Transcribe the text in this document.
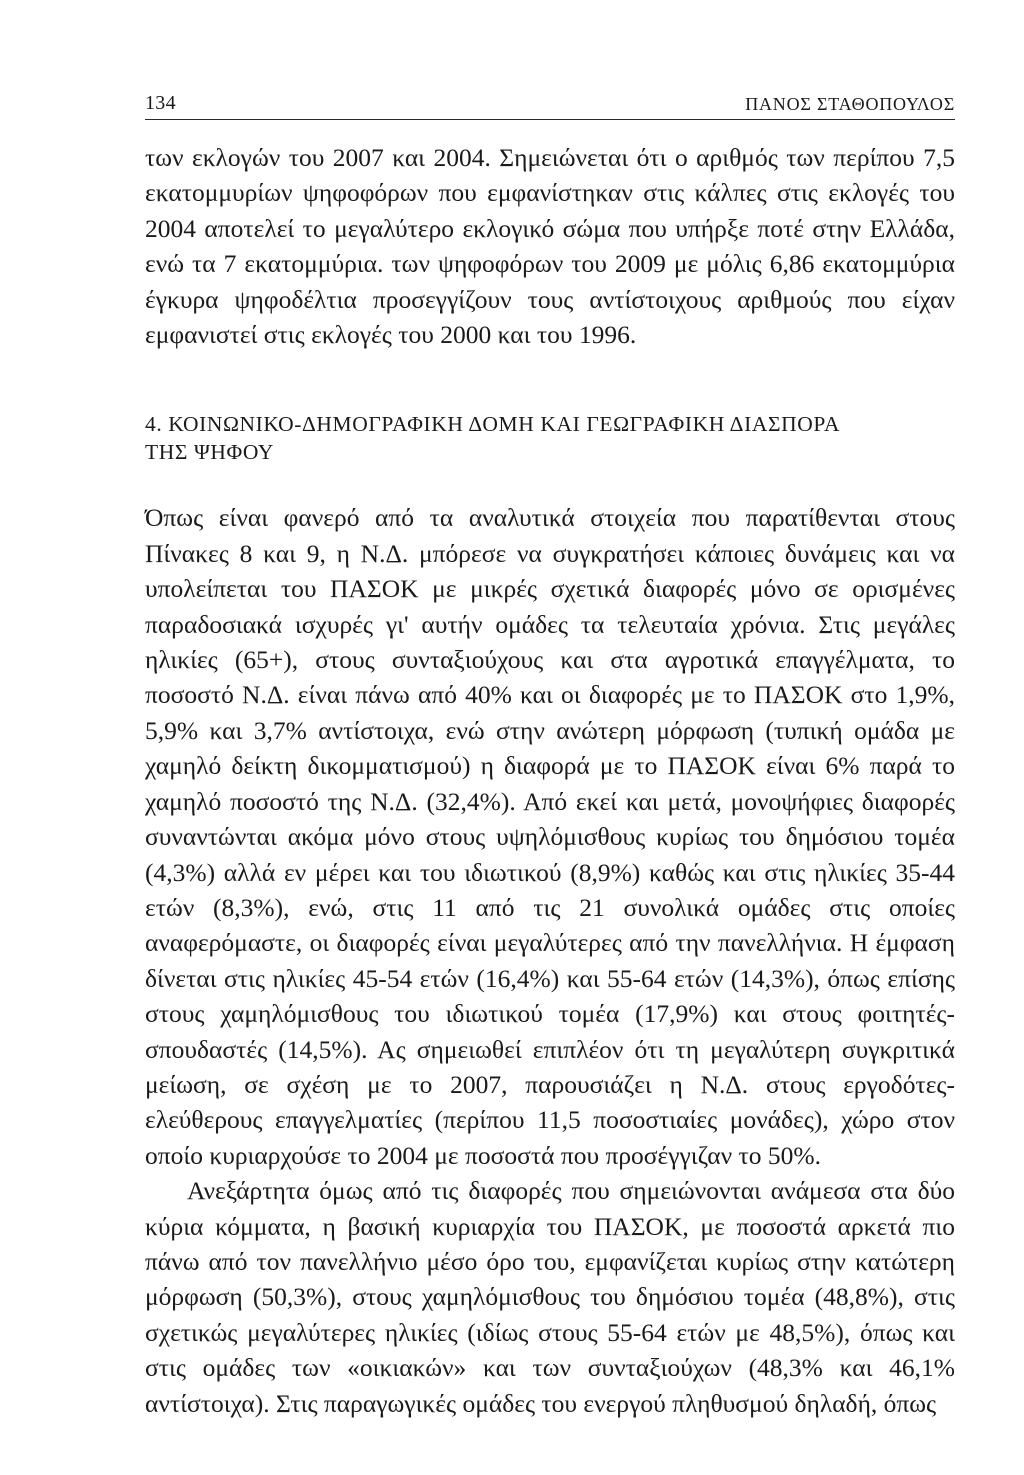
134	ΠΑΝΟΣ ΣΤΑΘΟΠΟΥΛΟΣ

των εκλογών του 2007 και 2004. Σημειώνεται ότι ο αριθμός των περίπου 7,5 εκατομμυρίων ψηφοφόρων που εμφανίστηκαν στις κάλπες στις εκλογές του 2004 αποτελεί το μεγαλύτερο εκλογικό σώμα που υπήρξε ποτέ στην Ελλάδα, ενώ τα 7 εκατομμύρια. των ψηφοφόρων του 2009 με μόλις 6,86 εκατομμύρια έγκυρα ψηφοδέλτια προσεγγίζουν τους αντίστοιχους αριθμούς που είχαν εμφανιστεί στις εκλογές του 2000 και του 1996.

4. ΚΟΙΝΩΝΙΚΟ-ΔΗΜΟΓΡΑΦΙΚΗ ΔΟΜΗ ΚΑΙ ΓΕΩΓΡΑΦΙΚΗ ΔΙΑΣΠΟΡΑ
ΤΗΣ ΨΗΦΟΥ

Όπως είναι φανερό από τα αναλυτικά στοιχεία που παρατίθενται στους Πίνακες 8 και 9, η Ν.Δ. μπόρεσε να συγκρατήσει κάποιες δυνάμεις και να υπολείπεται του ΠΑΣΟΚ με μικρές σχετικά διαφορές μόνο σε ορισμένες παραδοσιακά ισχυρές γι' αυτήν ομάδες τα τελευταία χρόνια. Στις μεγάλες ηλικίες (65+), στους συνταξιούχους και στα αγροτικά επαγγέλματα, το ποσοστό Ν.Δ. είναι πάνω από 40% και οι διαφορές με το ΠΑΣΟΚ στο 1,9%, 5,9% και 3,7% αντίστοιχα, ενώ στην ανώτερη μόρφωση (τυπική ομάδα με χαμηλό δείκτη δικομματισμού) η διαφορά με το ΠΑΣΟΚ είναι 6% παρά το χαμηλό ποσοστό της Ν.Δ. (32,4%). Από εκεί και μετά, μονοψήφιες διαφορές συναντώνται ακόμα μόνο στους υψηλόμισθους κυρίως του δημόσιου τομέα (4,3%) αλλά εν μέρει και του ιδιωτικού (8,9%) καθώς και στις ηλικίες 35-44 ετών (8,3%), ενώ, στις 11 από τις 21 συνολικά ομάδες στις οποίες αναφερόμαστε, οι διαφορές είναι μεγαλύτερες από την πανελλήνια. Η έμφαση δίνεται στις ηλικίες 45-54 ετών (16,4%) και 55-64 ετών (14,3%), όπως επίσης στους χαμηλόμισθους του ιδιωτικού τομέα (17,9%) και στους φοιτητές-σπουδαστές (14,5%). Ας σημειωθεί επιπλέον ότι τη μεγαλύτερη συγκριτικά μείωση, σε σχέση με το 2007, παρουσιάζει η Ν.Δ. στους εργοδότες-ελεύθερους επαγγελματίες (περίπου 11,5 ποσοστιαίες μονάδες), χώρο στον οποίο κυριαρχούσε το 2004 με ποσοστά που προσέγγιζαν το 50%.

Ανεξάρτητα όμως από τις διαφορές που σημειώνονται ανάμεσα στα δύο κύρια κόμματα, η βασική κυριαρχία του ΠΑΣΟΚ, με ποσοστά αρκετά πιο πάνω από τον πανελλήνιο μέσο όρο του, εμφανίζεται κυρίως στην κατώτερη μόρφωση (50,3%), στους χαμηλόμισθους του δημόσιου τομέα (48,8%), στις σχετικώς μεγαλύτερες ηλικίες (ιδίως στους 55-64 ετών με 48,5%), όπως και στις ομάδες των «οικιακών» και των συνταξιούχων (48,3% και 46,1% αντίστοιχα). Στις παραγωγικές ομάδες του ενεργού πληθυσμού δηλαδή, όπως
